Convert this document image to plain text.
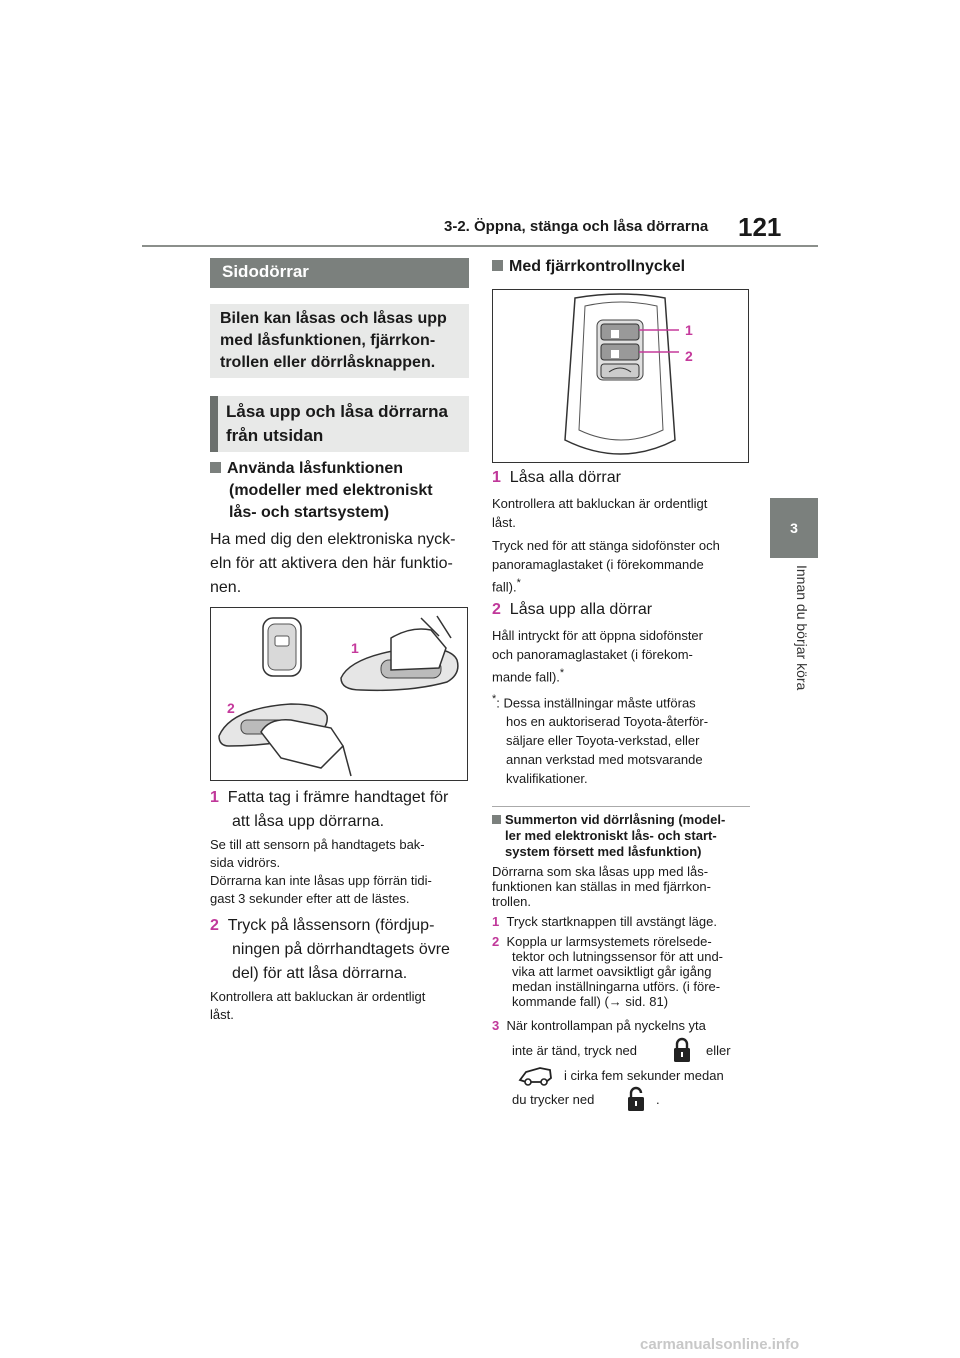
3-2. Öppna, stänga och låsa dörrarna 121
3
Innan du börjar köra
Sidodörrar
Bilen kan låsas och låsas upp
med låsfunktionen, fjärrkon-
trollen eller dörrlåsknappen.
Låsa upp och låsa dörrarna
från utsidan
Använda låsfunktionen
(modeller med elektroniskt
lås- och startsystem)
Ha med dig den elektroniska nyck-
eln för att aktivera den här funktio-
nen.
1
2
1 Fatta tag i främre handtaget för
att låsa upp dörrarna.
Se till att sensorn på handtagets bak-
sida vidrörs.
Dörrarna kan inte låsas upp förrän tidi-
gast 3 sekunder efter att de lästes.
2 Tryck på låssensorn (fördjup-
ningen på dörrhandtagets övre
del) för att låsa dörrarna.
Kontrollera att bakluckan är ordentligt
låst.
Med fjärrkontrollnyckel
1
2
1 Låsa alla dörrar
Kontrollera att bakluckan är ordentligt
låst.
Tryck ned för att stänga sidofönster och
panoramaglastaket (i förekommande
fall).*
2 Låsa upp alla dörrar
Håll intryckt för att öppna sidofönster
och panoramaglastaket (i förekom-
mande fall).*
*: Dessa inställningar måste utföras
hos en auktoriserad Toyota-återför-
säljare eller Toyota-verkstad, eller
annan verkstad med motsvarande
kvalifikationer.
Summerton vid dörrlåsning (model-
ler med elektroniskt lås- och start-
system försett med låsfunktion)
Dörrarna som ska låsas upp med lås-
funktionen kan ställas in med fjärrkon-
trollen.
1 Tryck startknappen till avstängt läge.
2 Koppla ur larmsystemets rörelsede-
tektor och lutningssensor för att und-
vika att larmet oavsiktligt går igång
medan inställningarna utförs. (i före-
kommande fall) (→ sid. 81)
3 När kontrollampan på nyckelns yta
inte är tänd, tryck ned	eller
i cirka fem sekunder medan
du trycker ned	.
carmanualsonline.info
